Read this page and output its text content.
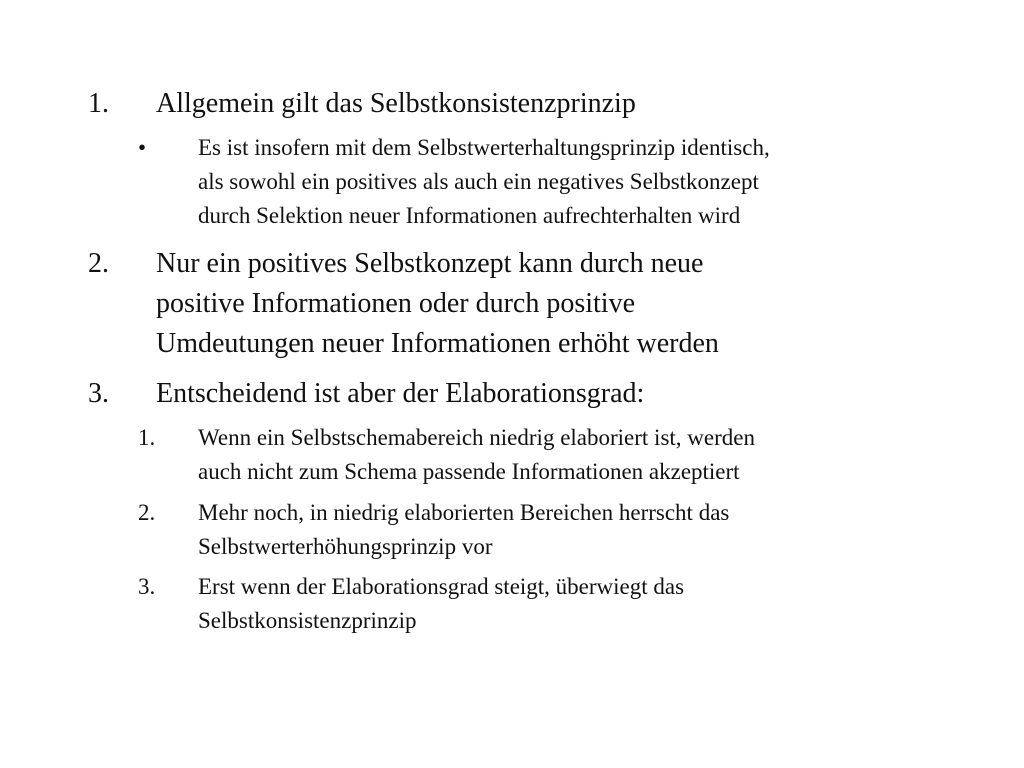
1. Allgemein gilt das Selbstkonsistenzprinzip
• Es ist insofern mit dem Selbstwerterhaltungsprinzip identisch,
als sowohl ein positives als auch ein negatives Selbstkonzept
durch Selektion neuer Informationen aufrechterhalten wird
2. Nur ein positives Selbstkonzept kann durch neue
positive Informationen oder durch positive
Umdeutungen neuer Informationen erhöht werden
3. Entscheidend ist aber der Elaborationsgrad:
1. Wenn ein Selbstschemabereich niedrig elaboriert ist, werden
auch nicht zum Schema passende Informationen akzeptiert
2. Mehr noch, in niedrig elaborierten Bereichen herrscht das
Selbstwerterhöhungsprinzip vor
3. Erst wenn der Elaborationsgrad steigt, überwiegt das
Selbstkonsistenzprinzip
